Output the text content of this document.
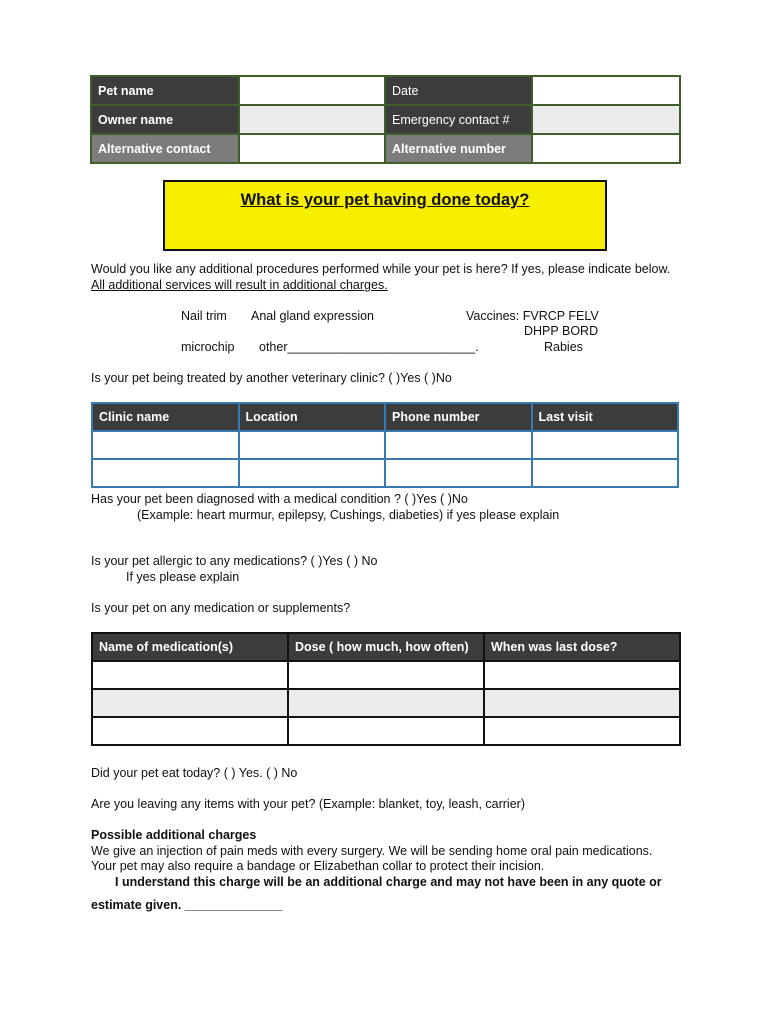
Pet name		Date	
Owner name		Emergency contact #	
Alternative contact		Alternative number	
What is your pet having done today?
Would you like any additional procedures performed while your pet is here? If yes, please indicate below.
All additional services will result in additional charges.
Nail trim Anal gland expression	Vaccines: FVRCP FELV
DHPP BORD
microchip other___________________________.	Rabies
Is your pet being treated by another veterinary clinic? ( )Yes ( )No
Clinic name	Location	Phone number	Last visit

Has your pet been diagnosed with a medical condition ? ( )Yes ( )No
(Example: heart murmur, epilepsy, Cushings, diabeties) if yes please explain
Is your pet allergic to any medications? ( )Yes ( ) No
If yes please explain
Is your pet on any medication or supplements?
Name of medication(s)	Dose ( how much, how often)	When was last dose?

Did your pet eat today? ( ) Yes. ( ) No
Are you leaving any items with your pet? (Example: blanket, toy, leash, carrier)
Possible additional charges
We give an injection of pain meds with every surgery. We will be sending home oral pain medications.
Your pet may also require a bandage or Elizabethan collar to protect their incision.
I understand this charge will be an additional charge and may not have been in any quote or
estimate given. ______________
